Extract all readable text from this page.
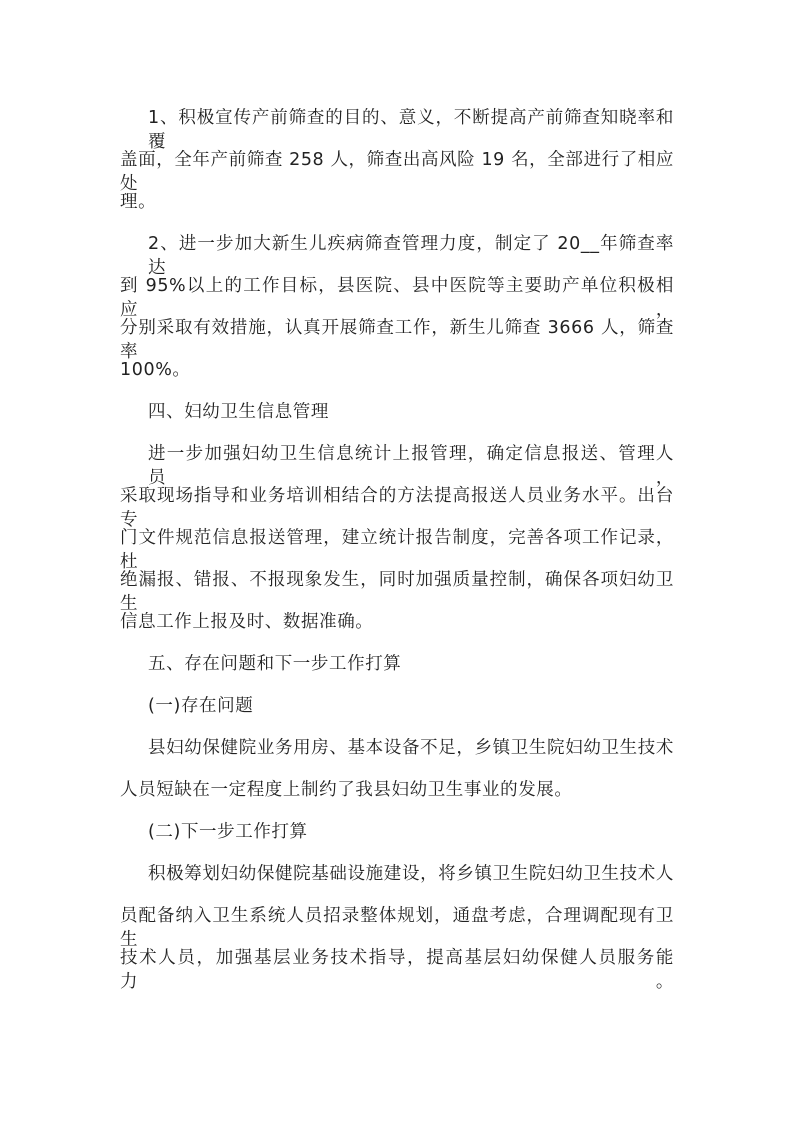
1、积极宣传产前筛查的目的、意义，不断提高产前筛查知晓率和覆
盖面，全年产前筛查 258 人，筛查出高风险 19 名，全部进行了相应处
理。
2、进一步加大新生儿疾病筛查管理力度，制定了 20__年筛查率达
到 95%以上的工作目标，县医院、县中医院等主要助产单位积极相应，
分别采取有效措施，认真开展筛查工作，新生儿筛查 3666 人，筛查率
100%。
四、妇幼卫生信息管理
进一步加强妇幼卫生信息统计上报管理，确定信息报送、管理人员，
采取现场指导和业务培训相结合的方法提高报送人员业务水平。出台专
门文件规范信息报送管理，建立统计报告制度，完善各项工作记录，杜
绝漏报、错报、不报现象发生，同时加强质量控制，确保各项妇幼卫生
信息工作上报及时、数据准确。
五、存在问题和下一步工作打算
(一)存在问题
县妇幼保健院业务用房、基本设备不足，乡镇卫生院妇幼卫生技术
人员短缺在一定程度上制约了我县妇幼卫生事业的发展。
(二)下一步工作打算
积极筹划妇幼保健院基础设施建设，将乡镇卫生院妇幼卫生技术人
员配备纳入卫生系统人员招录整体规划，通盘考虑，合理调配现有卫生
技术人员，加强基层业务技术指导，提高基层妇幼保健人员服务能力。
